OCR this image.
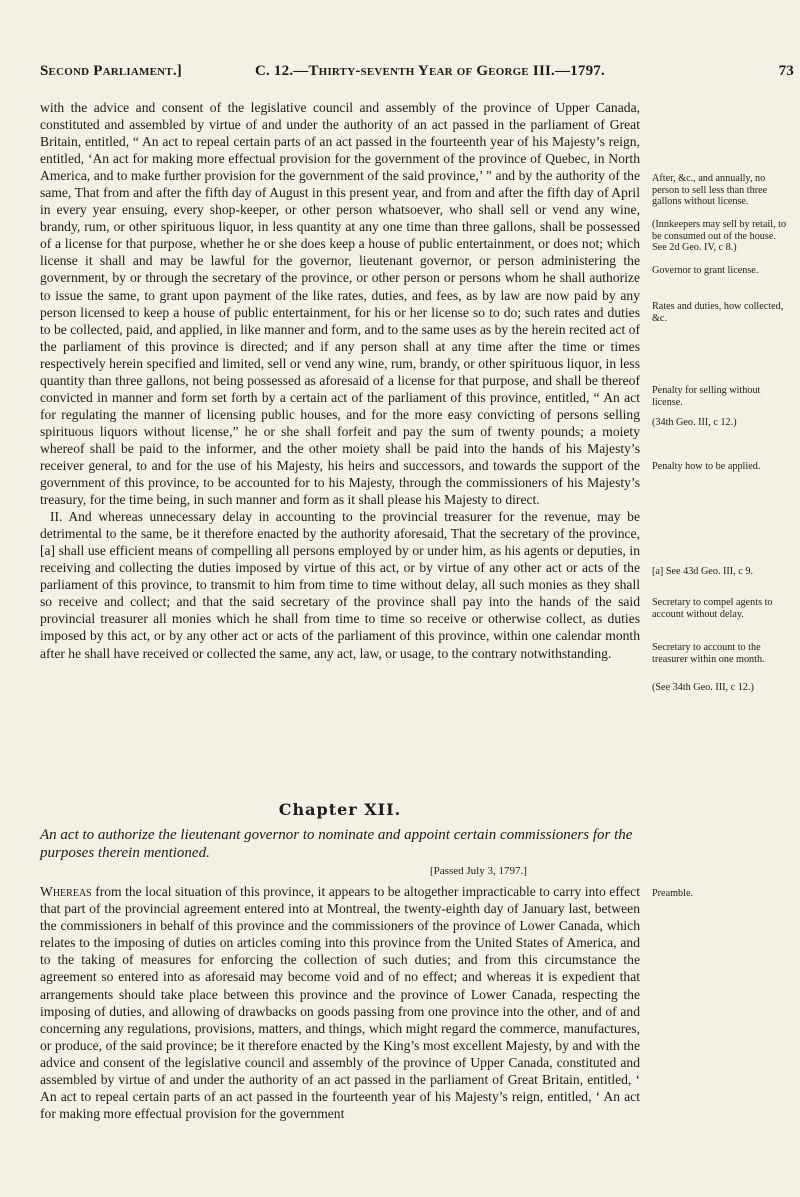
Second Parliament.]	C. 12.—Thirty-seventh Year of George III.—1797.	73

with the advice and consent of the legislative council and assembly of the province of Upper Canada, constituted and assembled by virtue of and under the authority of an act passed in the parliament of Great Britain, entitled, “ An act to repeal certain parts of an act passed in the fourteenth year of his Majesty’s reign, entitled, ‘An act for making more effectual provision for the government of the province of Quebec, in North America, and to make further provision for the government of the said province,’ ” and by the authority of the same, That from and after the fifth day of August in this present year, and from and after the fifth day of April in every year ensuing, every shop-keeper, or other person whatsoever, who shall sell or vend any wine, brandy, rum, or other spirituous liquor, in less quantity at any one time than three gallons, shall be possessed of a license for that purpose, whether he or she does keep a house of public entertainment, or does not; which license it shall and may be lawful for the governor, lieutenant governor, or person administering the government, by or through the secretary of the province, or other person or persons whom he shall authorize to issue the same, to grant upon payment of the like rates, duties, and fees, as by law are now paid by any person licensed to keep a house of public entertainment, for his or her license so to do; such rates and duties to be collected, paid, and applied, in like manner and form, and to the same uses as by the herein recited act of the parliament of this province is directed; and if any person shall at any time after the time or times respectively herein specified and limited, sell or vend any wine, rum, brandy, or other spirituous liquor, in less quantity than three gallons, not being possessed as aforesaid of a license for that purpose, and shall be thereof convicted in manner and form set forth by a certain act of the parliament of this province, entitled, “ An act for regulating the manner of licensing public houses, and for the more easy convicting of persons selling spirituous liquors without license,” he or she shall forfeit and pay the sum of twenty pounds; a moiety whereof shall be paid to the informer, and the other moiety shall be paid into the hands of his Majesty’s receiver general, to and for the use of his Majesty, his heirs and successors, and towards the support of the government of this province, to be accounted for to his Majesty, through the commissioners of his Majesty’s treasury, for the time being, in such manner and form as it shall please his Majesty to direct.

II. And whereas unnecessary delay in accounting to the provincial treasurer for the revenue, may be detrimental to the same, be it therefore enacted by the authority aforesaid, That the secretary of the province, [a] shall use efficient means of compelling all persons employed by or under him, as his agents or deputies, in receiving and collecting the duties imposed by virtue of this act, or by virtue of any other act or acts of the parliament of this province, to transmit to him from time to time without delay, all such monies as they shall so receive and collect; and that the said secretary of the province shall pay into the hands of the said provincial treasurer all monies which he shall from time to time so receive or otherwise collect, as duties imposed by this act, or by any other act or acts of the parliament of this province, within one calendar month after he shall have received or collected the same, any act, law, or usage, to the contrary notwithstanding.

Chapter XII.
An act to authorize the lieutenant governor to nominate and appoint certain commissioners for the purposes therein mentioned.
[Passed July 3, 1797.]
Whereas from the local situation of this province, it appears to be altogether impracticable to carry into effect that part of the provincial agreement entered into at Montreal, the twenty-eighth day of January last, between the commissioners in behalf of this province and the commissioners of the province of Lower Canada, which relates to the imposing of duties on articles coming into this province from the United States of America, and to the taking of measures for enforcing the collection of such duties; and from this circumstance the agreement so entered into as aforesaid may become void and of no effect; and whereas it is expedient that arrangements should take place between this province and the province of Lower Canada, respecting the imposing of duties, and allowing of drawbacks on goods passing from one province into the other, and of and concerning any regulations, provisions, matters, and things, which might regard the commerce, manufactures, or produce, of the said province; be it therefore enacted by the King’s most excellent Majesty, by and with the advice and consent of the legislative council and assembly of the province of Upper Canada, constituted and assembled by virtue of and under the authority of an act passed in the parliament of Great Britain, entitled, ‘ An act to repeal certain parts of an act passed in the fourteenth year of his Majesty’s reign, entitled, ‘ An act for making more effectual provision for the government
After, &c., and annually, no person to sell less than three gallons without license.
(Innkeepers may sell by retail, to be consumed out of the house. See 2d Geo. IV, c 8.)
Governor to grant license.
Rates and duties, how collected, &c.
Penalty for selling without license.
(34th Geo. III, c 12.)
Penalty how to be applied.
[a] See 43d Geo. III, c 9.
Secretary to compel agents to account without delay.
Secretary to account to the treasurer within one month.
(See 34th Geo. III, c 12.)
Preamble.
